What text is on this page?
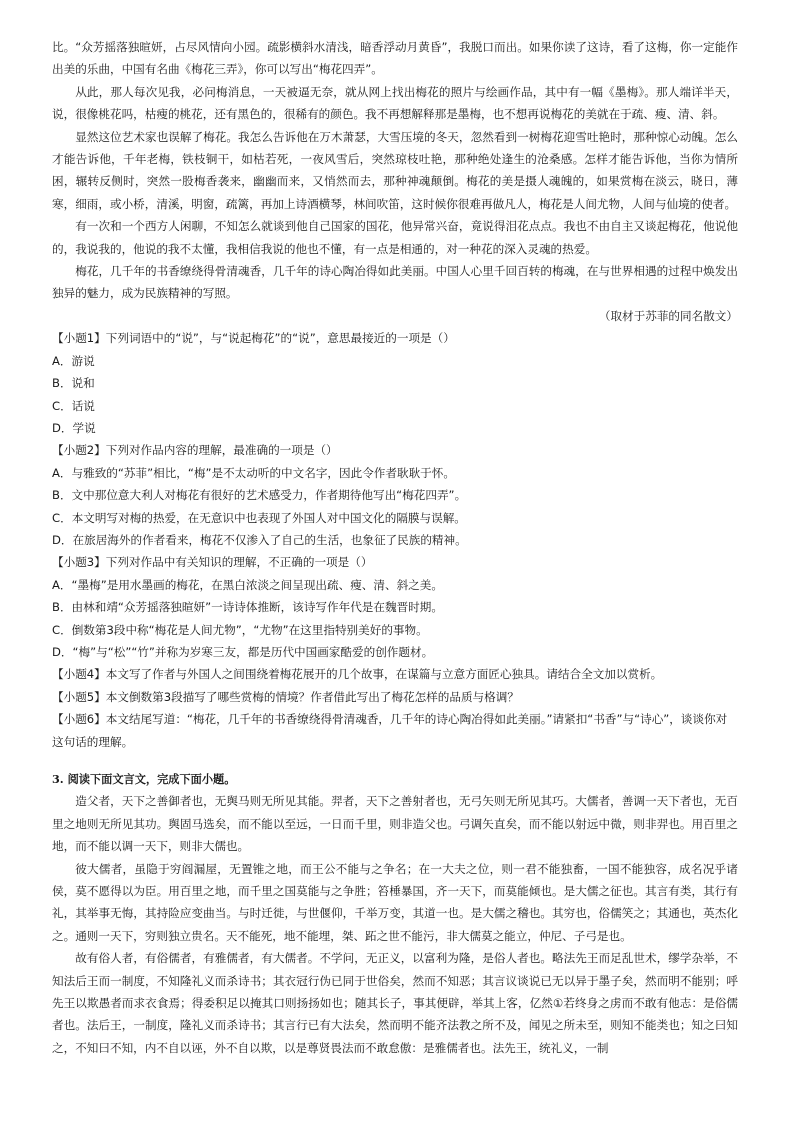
比。“众芳摇落独暄妍，占尽风情向小园。疏影横斜水清浅，暗香浮动月黄昏”，我脱口而出。如果你读了这诗，看了这梅，你一定能作出美的乐曲，中国有名曲《梅花三弄》，你可以写出“梅花四弄”。

从此，那人每次见我，必问梅消息，一天被逼无奈，就从网上找出梅花的照片与绘画作品，其中有一幅《墨梅》。那人端详半天，说，很像桃花吗，枯瘦的桃花，还有黑色的，很稀有的颜色。我不再想解释那是墨梅，也不想再说梅花的美就在于疏、瘦、清、斜。

显然这位艺术家也误解了梅花。我怎么告诉他在万木萧瑟，大雪压境的冬天，忽然看到一树梅花迎雪吐艳时，那种惊心动魄。怎么才能告诉他，千年老梅，铁枝铜干，如枯若死，一夜风雪后，突然琼枝吐艳，那种绝处逢生的沧桑感。怎样才能告诉他，当你为情所困，辗转反侧时，突然一股梅香袭来，幽幽而来，又悄然而去，那种神魂颠倒。梅花的美是摄人魂魄的，如果赏梅在淡云，晓日，薄寒，细雨，或小桥，清溪，明窗，疏篱，再加上诗酒横琴，林间吹笛，这时候你很难再做凡人，梅花是人间尤物，人间与仙境的使者。

有一次和一个西方人闲聊，不知怎么就谈到他自己国家的国花，他异常兴奋，竟说得泪花点点。我也不由自主又谈起梅花，他说他的，我说我的，他说的我不太懂，我相信我说的他也不懂，有一点是相通的，对一种花的深入灵魂的热爱。

梅花，几千年的书香缭绕得骨清魂香，几千年的诗心陶冶得如此美丽。中国人心里千回百转的梅魂，在与世界相遇的过程中焕发出独异的魅力，成为民族精神的写照。

（取材于苏菲的同名散文）

【小题1】下列词语中的“说”，与“说起梅花”的“说”，意思最接近的一项是（）

A．游说

B．说和

C．话说

D．学说

【小题2】下列对作品内容的理解，最准确的一项是（）

A．与雅致的“苏菲”相比，“梅”是不太动听的中文名字，因此令作者耿耿于怀。

B．文中那位意大利人对梅花有很好的艺术感受力，作者期待他写出“梅花四弄”。

C．本文明写对梅的热爱，在无意识中也表现了外国人对中国文化的隔膜与误解。

D．在旅居海外的作者看来，梅花不仅渗入了自己的生活，也象征了民族的精神。

【小题3】下列对作品中有关知识的理解，不正确的一项是（）

A．“墨梅”是用水墨画的梅花，在黑白浓淡之间呈现出疏、瘦、清、斜之美。

B．由林和靖“众芳摇落独暄妍”一诗诗体推断，该诗写作年代是在魏晋时期。

C．倒数第3段中称“梅花是人间尤物”，“尤物”在这里指特别美好的事物。

D．“梅”与“松”“竹”并称为岁寒三友，都是历代中国画家酷爱的创作题材。

【小题4】本文写了作者与外国人之间围绕着梅花展开的几个故事，在谋篇与立意方面匠心独具。请结合全文加以赏析。

【小题5】本文倒数第3段描写了哪些赏梅的情境？作者借此写出了梅花怎样的品质与格调？

【小题6】本文结尾写道：“梅花，几千年的书香缭绕得骨清魂香，几千年的诗心陶冶得如此美丽。”请紧扣“书香”与“诗心”，谈谈你对这句话的理解。

3. 阅读下面文言文，完成下面小题。

造父者，天下之善御者也，无舆马则无所见其能。羿者，天下之善射者也，无弓矢则无所见其巧。大儒者，善调一天下者也，无百里之地则无所见其功。舆固马选矣，而不能以至远，一日而千里，则非造父也。弓调矢直矣，而不能以射远中微，则非羿也。用百里之地，而不能以调一天下，则非大儒也。

彼大儒者，虽隐于穷阎漏屋，无置锥之地，而王公不能与之争名；在一大夫之位，则一君不能独畜，一国不能独容，成名况乎诸侯，莫不愿得以为臣。用百里之地，而千里之国莫能与之争胜；笞棰暴国，齐一天下，而莫能倾也。是大儒之征也。其言有类，其行有礼，其举事无悔，其持险应变曲当。与时迁徙，与世偃仰，千举万变，其道一也。是大儒之稽也。其穷也，俗儒笑之；其通也，英杰化之。通则一天下，穷则独立贵名。天不能死，地不能埋，桀、跖之世不能污，非大儒莫之能立，仲尼、子弓是也。

故有俗人者，有俗儒者，有雅儒者，有大儒者。不学问，无正义，以富利为隆，是俗人者也。略法先王而足乱世术，缪学杂举，不知法后王而一制度，不知隆礼义而杀诗书；其衣冠行伪已同于世俗矣，然而不知恶；其言议谈说已无以异于墨子矣，然而明不能别；呼先王以欺愚者而求衣食焉；得委积足以掩其口则扬扬如也；随其长子，事其便辟，举其上客，亿然①若终身之虏而不敢有他志：是俗儒者也。法后王，一制度，隆礼义而杀诗书；其言行已有大法矣，然而明不能齐法教之所不及，闻见之所未至，则知不能类也；知之曰知之，不知曰不知，内不自以诬，外不自以欺，以是尊贤畏法而不敢怠傲：是雅儒者也。法先王，统礼义，一制
